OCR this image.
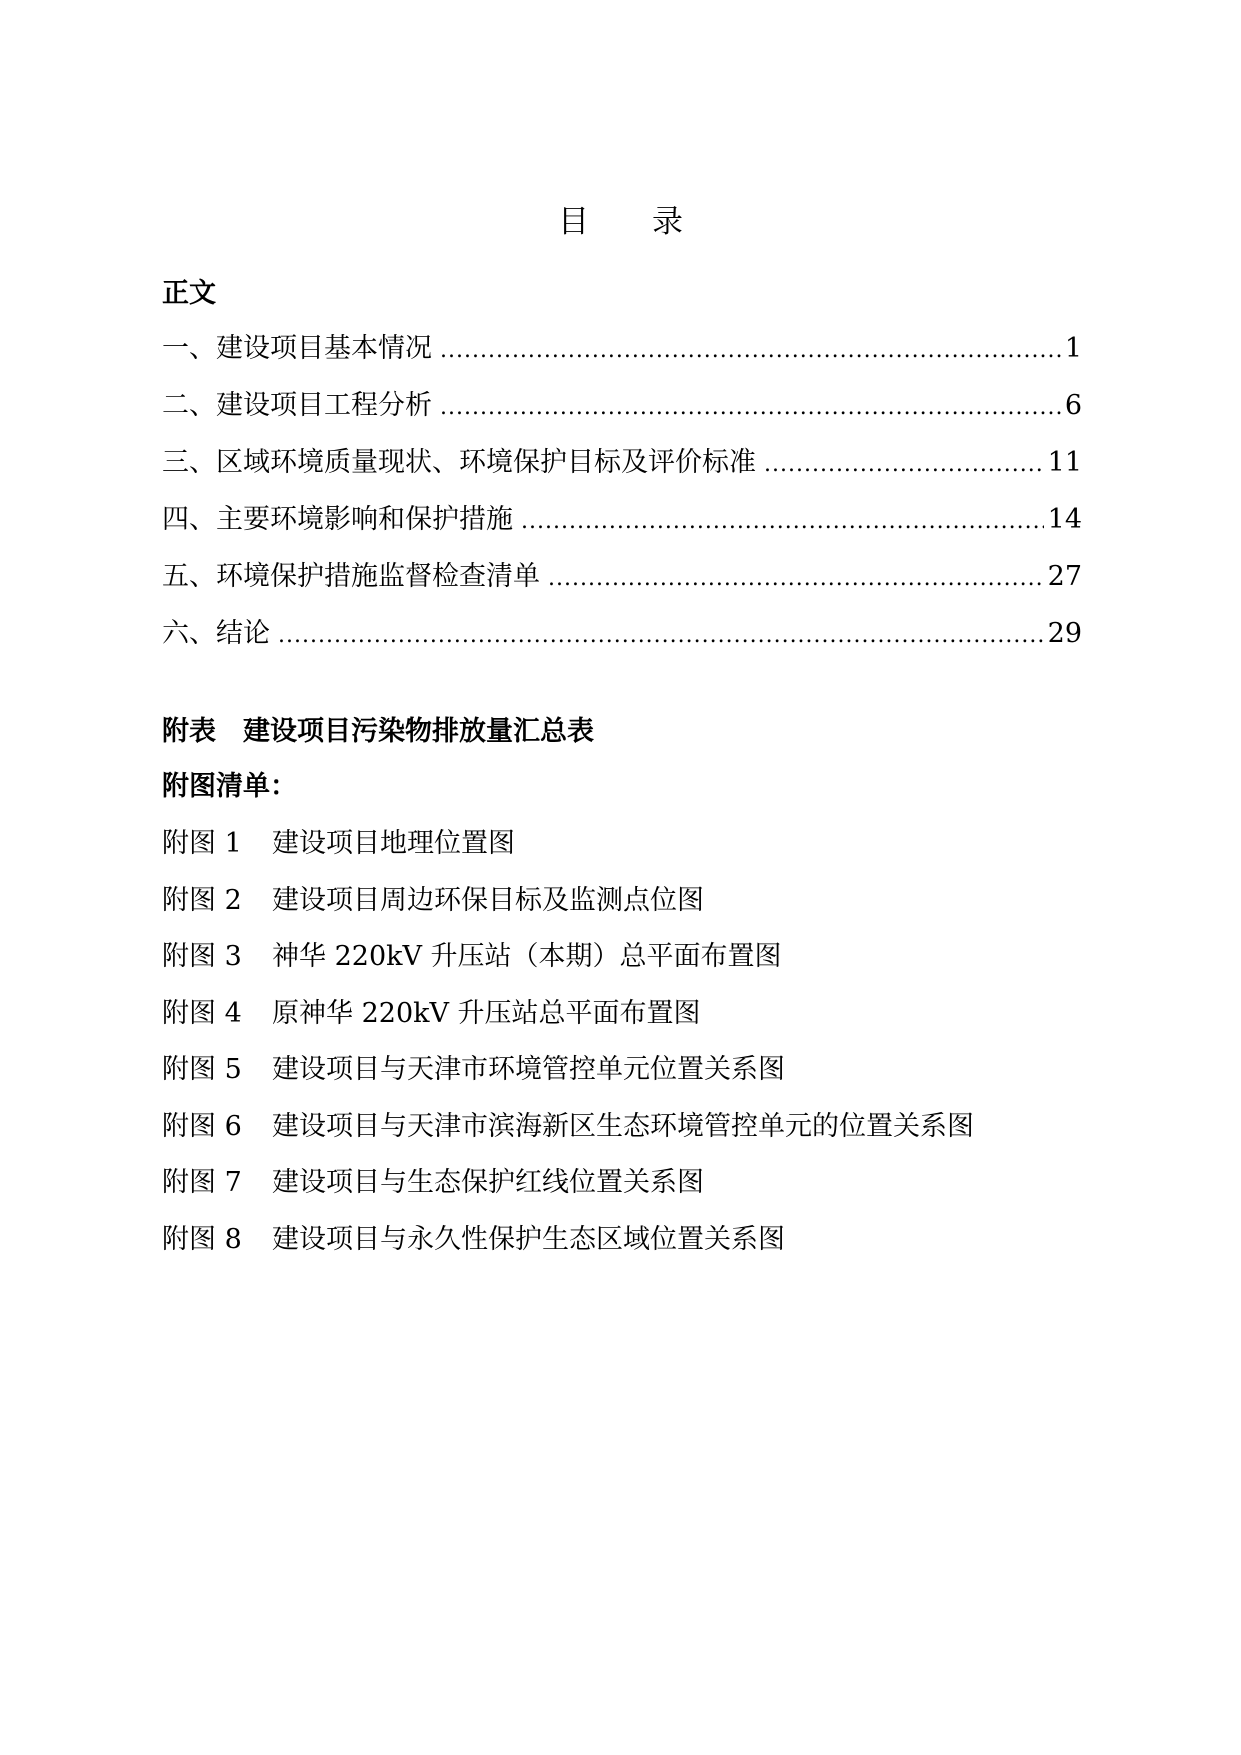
目　录
正文
一、建设项目基本情况 .....	1
二、建设项目工程分析 .....	6
三、区域环境质量现状、环境保护目标及评价标准 .....	11
四、主要环境影响和保护措施 .....	14
五、环境保护措施监督检查清单 .....	27
六、结论 .....	29
附表　建设项目污染物排放量汇总表
附图清单：
附图 1 建设项目地理位置图
附图 2 建设项目周边环保目标及监测点位图
附图 3 神华 220kV 升压站（本期）总平面布置图
附图 4 原神华 220kV 升压站总平面布置图
附图 5 建设项目与天津市环境管控单元位置关系图
附图 6 建设项目与天津市滨海新区生态环境管控单元的位置关系图
附图 7 建设项目与生态保护红线位置关系图
附图 8 建设项目与永久性保护生态区域位置关系图
